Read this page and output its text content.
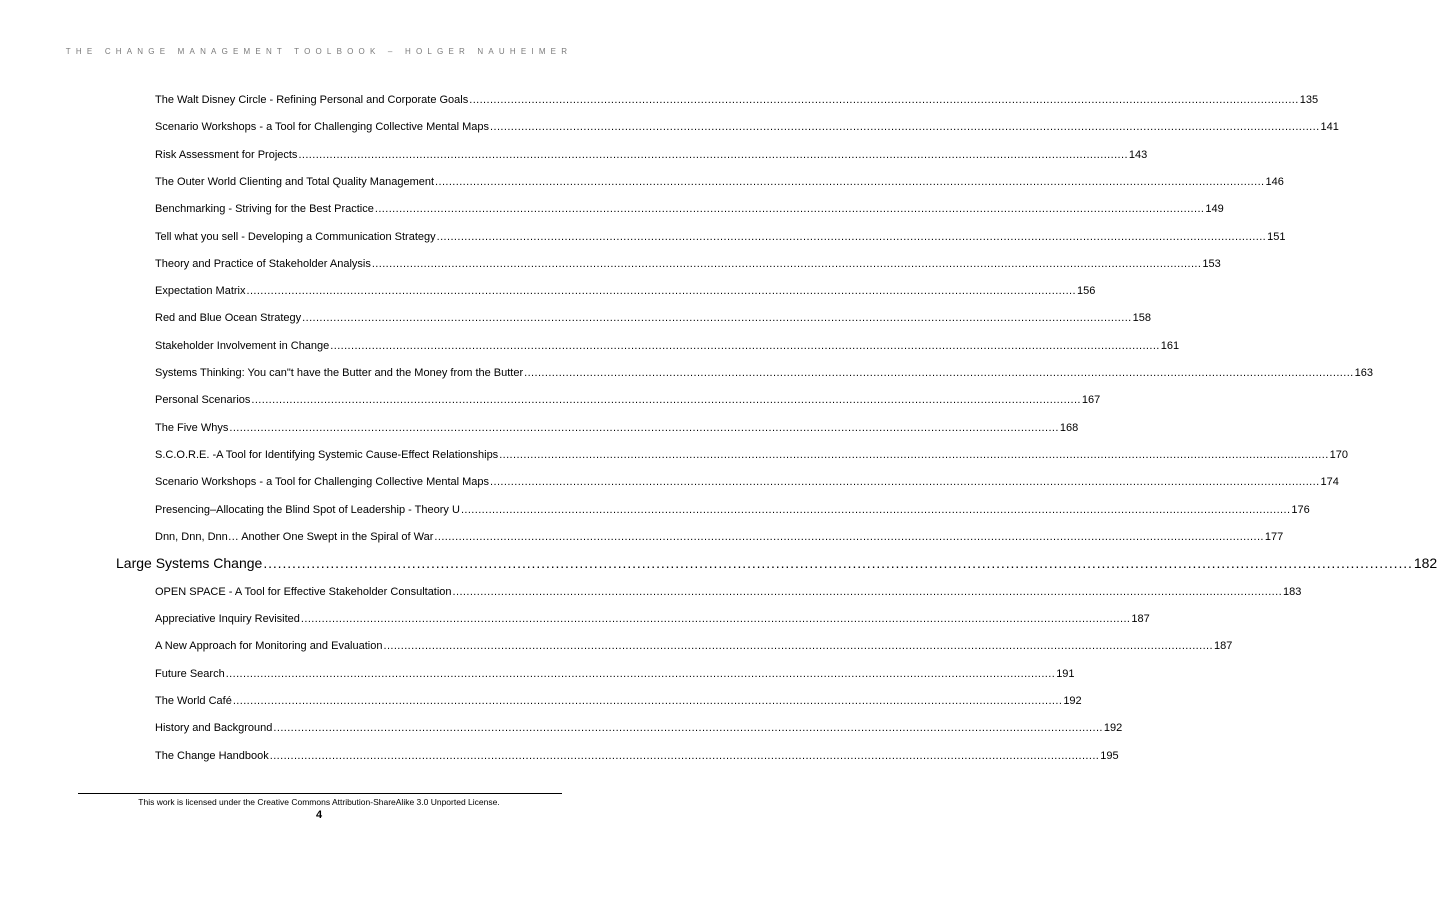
THE CHANGE MANAGEMENT TOOLBOOK – HOLGER NAUHEIMER
The Walt Disney Circle - Refining Personal and Corporate Goals ................................................................................................................................................................................................................................................ 135
Scenario Workshops - a Tool for Challenging Collective Mental Maps ................................................................................................................................................................................................................................................ 141
Risk Assessment for Projects ................................................................................................................................................................................................................................................ 143
The Outer World Clienting and Total Quality Management ................................................................................................................................................................................................................................................ 146
Benchmarking - Striving for the Best Practice ................................................................................................................................................................................................................................................ 149
Tell what you sell - Developing a Communication Strategy ................................................................................................................................................................................................................................................ 151
Theory and Practice of Stakeholder Analysis ................................................................................................................................................................................................................................................ 153
Expectation Matrix ................................................................................................................................................................................................................................................ 156
Red and Blue Ocean Strategy ................................................................................................................................................................................................................................................ 158
Stakeholder Involvement in Change ................................................................................................................................................................................................................................................ 161
Systems Thinking: You can"t have the Butter and the Money from the Butter ................................................................................................................................................................................................................................................ 163
Personal Scenarios ................................................................................................................................................................................................................................................ 167
The Five Whys ................................................................................................................................................................................................................................................ 168
S.C.O.R.E. -A Tool for Identifying Systemic Cause-Effect Relationships ................................................................................................................................................................................................................................................ 170
Scenario Workshops - a Tool for Challenging Collective Mental Maps ................................................................................................................................................................................................................................................ 174
Presencing–Allocating the Blind Spot of Leadership - Theory U ................................................................................................................................................................................................................................................ 176
Dnn, Dnn, Dnn… Another One Swept in the Spiral of War ................................................................................................................................................................................................................................................ 177
Large Systems Change ................................................................................................................................................................................................................................................ 182
OPEN SPACE - A Tool for Effective Stakeholder Consultation ................................................................................................................................................................................................................................................ 183
Appreciative Inquiry Revisited ................................................................................................................................................................................................................................................ 187
A New Approach for Monitoring and Evaluation ................................................................................................................................................................................................................................................ 187
Future Search ................................................................................................................................................................................................................................................ 191
The World Café ................................................................................................................................................................................................................................................ 192
History and Background ................................................................................................................................................................................................................................................ 192
The Change Handbook ................................................................................................................................................................................................................................................ 195
This work is licensed under the Creative Commons Attribution-ShareAlike 3.0 Unported License.
4
